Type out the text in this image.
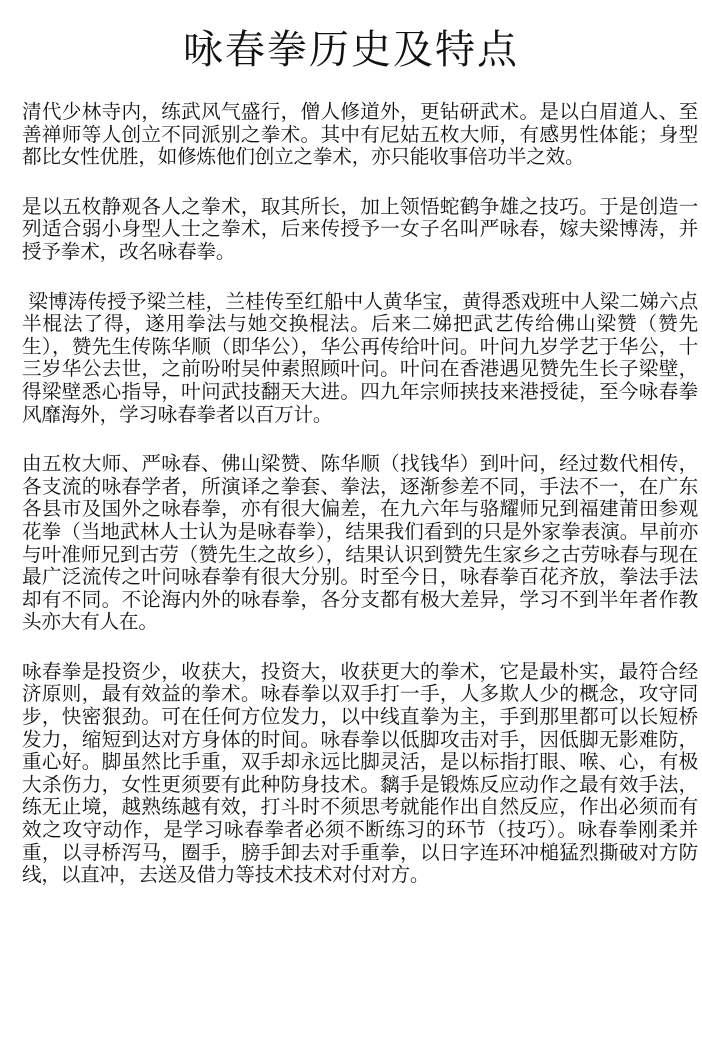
咏春拳历史及特点

清代少林寺内，练武风气盛行，僧人修道外，更钻研武术。是以白眉道人、至善禅师等人创立不同派别之拳术。其中有尼姑五枚大师，有感男性体能；身型都比女性优胜，如修炼他们创立之拳术，亦只能收事倍功半之效。

是以五枚静观各人之拳术，取其所长，加上领悟蛇鹤争雄之技巧。于是创造一列适合弱小身型人士之拳术，后来传授予一女子名叫严咏春，嫁夫梁博涛，并授予拳术，改名咏春拳。

梁博涛传授予梁兰桂，兰桂传至红船中人黄华宝，黄得悉戏班中人梁二娣六点半棍法了得，遂用拳法与她交换棍法。后来二娣把武艺传给佛山梁赞（赞先生），赞先生传陈华顺（即华公），华公再传给叶问。叶问九岁学艺于华公，十三岁华公去世，之前吩咐吴仲素照顾叶问。叶问在香港遇见赞先生长子梁壁，得梁壁悉心指导，叶问武技翻天大进。四九年宗师挟技来港授徒，至今咏春拳风靡海外，学习咏春拳者以百万计。

由五枚大师、严咏春、佛山梁赞、陈华顺（找钱华）到叶问，经过数代相传，各支流的咏春学者，所演译之拳套、拳法，逐渐参差不同，手法不一，在广东各县市及国外之咏春拳，亦有很大偏差，在九六年与骆耀师兄到福建莆田参观花拳（当地武林人士认为是咏春拳），结果我们看到的只是外家拳表演。早前亦与叶准师兄到古劳（赞先生之故乡），结果认识到赞先生家乡之古劳咏春与现在最广泛流传之叶问咏春拳有很大分别。时至今日，咏春拳百花齐放，拳法手法却有不同。不论海内外的咏春拳，各分支都有极大差异，学习不到半年者作教头亦大有人在。

咏春拳是投资少，收获大，投资大，收获更大的拳术，它是最朴实，最符合经济原则，最有效益的拳术。咏春拳以双手打一手，人多欺人少的概念，攻守同步，快密狠劲。可在任何方位发力，以中线直拳为主，手到那里都可以长短桥发力，缩短到达对方身体的时间。咏春拳以低脚攻击对手，因低脚无影难防，重心好。脚虽然比手重，双手却永远比脚灵活，是以标指打眼、喉、心，有极大杀伤力，女性更须要有此种防身技术。黐手是锻炼反应动作之最有效手法，练无止境，越熟练越有效，打斗时不须思考就能作出自然反应，作出必须而有效之攻守动作，是学习咏春拳者必须不断练习的环节（技巧）。咏春拳刚柔并重，以寻桥泻马，圈手，膀手卸去对手重拳，以日字连环冲槌猛烈撕破对方防线，以直冲，去送及借力等技术技术对付对方。
